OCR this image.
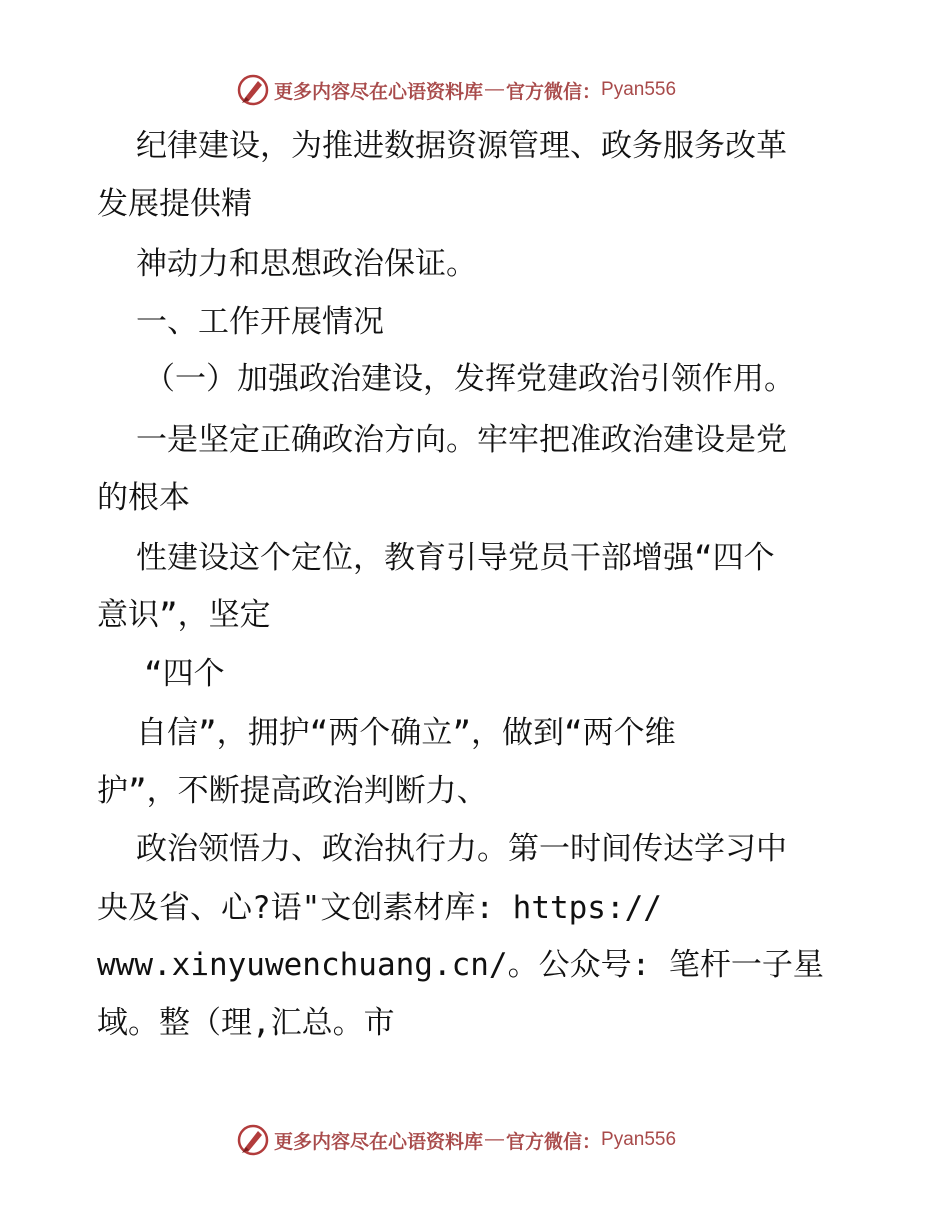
更多内容尽在心语资料库 — 官方微信： Pyan556
纪律建设，为推进数据资源管理、政务服务改革
发展提供精
神动力和思想政治保证。
一、工作开展情况
（一）加强政治建设，发挥党建政治引领作用。
一是坚定正确政治方向。牢牢把准政治建设是党
的根本
性建设这个定位，教育引导党员干部增强“四个
意识”，坚定
“四个
自信”，拥护“两个确立”，做到“两个维
护”，不断提高政治判断力、
政治领悟力、政治执行力。第一时间传达学习中
央及省、心?语"文创素材库: https://
www.xinyuwenchuang.cn/。公众号: 笔杆一子星
域。整（理,汇总。市
更多内容尽在心语资料库 — 官方微信： Pyan556
